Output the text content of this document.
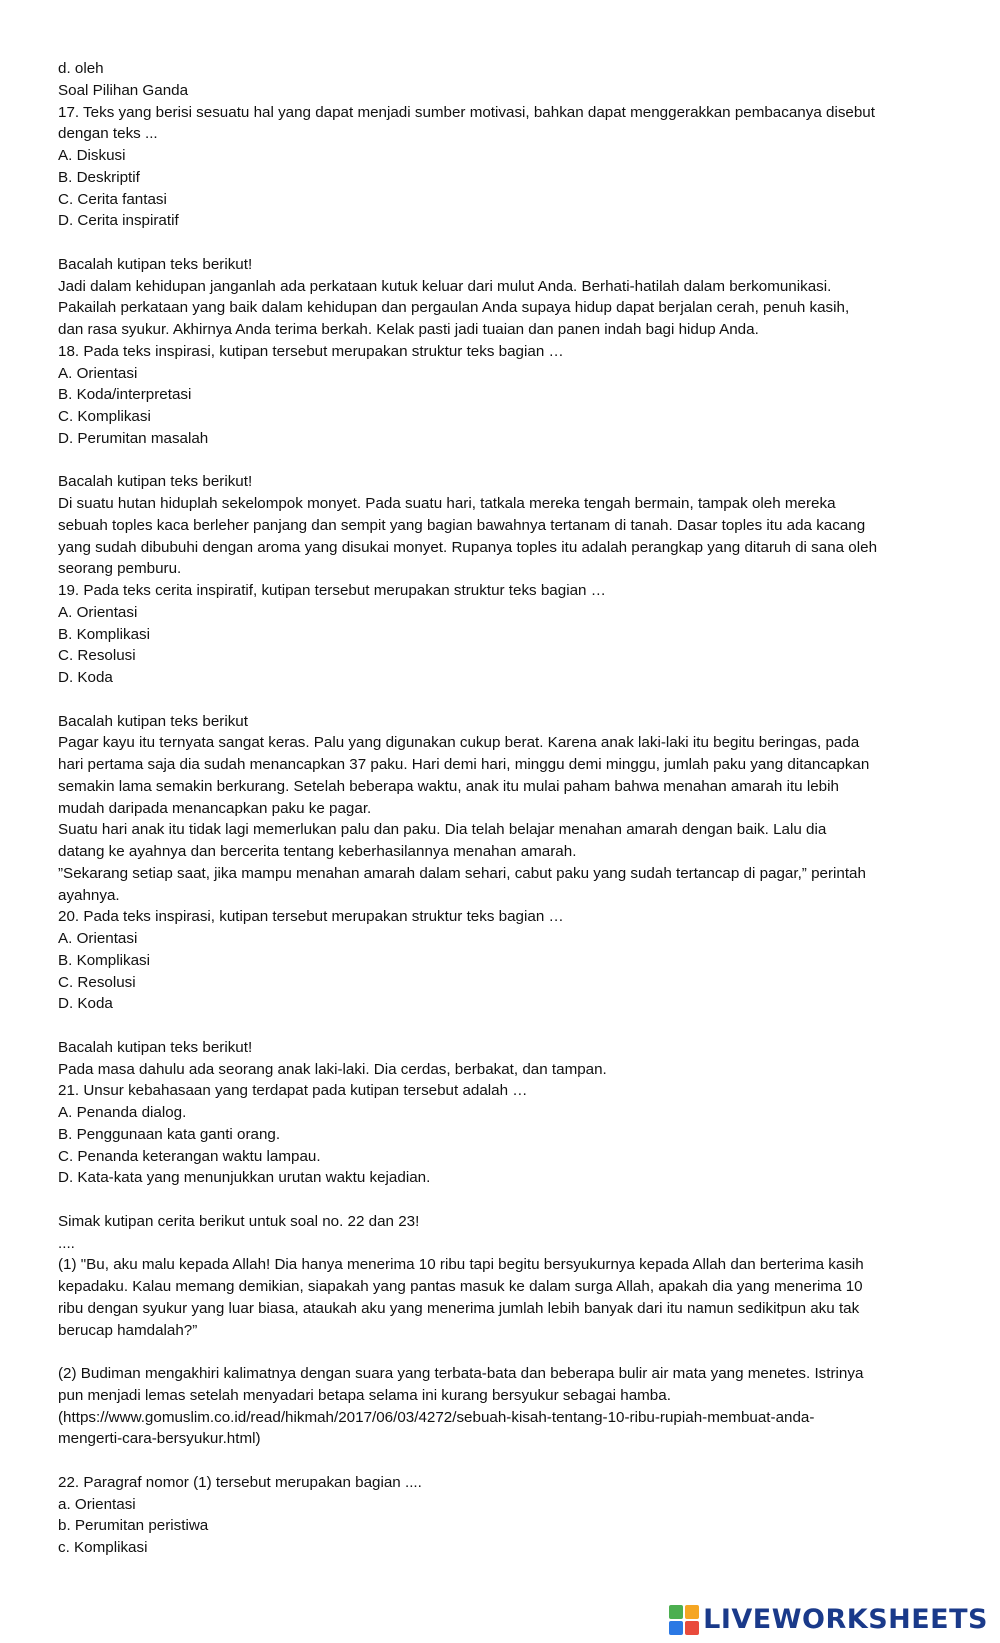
d. oleh
Soal Pilihan Ganda
17. Teks yang berisi sesuatu hal yang dapat menjadi sumber motivasi, bahkan dapat menggerakkan pembacanya disebut
dengan teks ...
A. Diskusi
B. Deskriptif
C. Cerita fantasi
D. Cerita inspiratif
Bacalah kutipan teks berikut!
Jadi dalam kehidupan janganlah ada perkataan kutuk keluar dari mulut Anda. Berhati-hatilah dalam berkomunikasi.
Pakailah perkataan yang baik dalam kehidupan dan pergaulan Anda supaya hidup dapat berjalan cerah, penuh kasih,
dan rasa syukur. Akhirnya Anda terima berkah. Kelak pasti jadi tuaian dan panen indah bagi hidup Anda.
18. Pada teks inspirasi, kutipan tersebut merupakan struktur teks bagian …
A. Orientasi
B. Koda/interpretasi
C. Komplikasi
D. Perumitan masalah
Bacalah kutipan teks berikut!
Di suatu hutan hiduplah sekelompok monyet. Pada suatu hari, tatkala mereka tengah bermain, tampak oleh mereka
sebuah toples kaca berleher panjang dan sempit yang bagian bawahnya tertanam di tanah. Dasar toples itu ada kacang
yang sudah dibubuhi dengan aroma yang disukai monyet. Rupanya toples itu adalah perangkap yang ditaruh di sana oleh
seorang pemburu.
19. Pada teks cerita inspiratif, kutipan tersebut merupakan struktur teks bagian …
A. Orientasi
B. Komplikasi
C. Resolusi
D. Koda
Bacalah kutipan teks berikut
Pagar kayu itu ternyata sangat keras. Palu yang digunakan cukup berat. Karena anak laki-laki itu begitu beringas, pada
hari pertama saja dia sudah menancapkan 37 paku. Hari demi hari, minggu demi minggu, jumlah paku yang ditancapkan
semakin lama semakin berkurang. Setelah beberapa waktu, anak itu mulai paham bahwa menahan amarah itu lebih
mudah daripada menancapkan paku ke pagar.
Suatu hari anak itu tidak lagi memerlukan palu dan paku. Dia telah belajar menahan amarah dengan baik. Lalu dia
datang ke ayahnya dan bercerita tentang keberhasilannya menahan amarah.
”Sekarang setiap saat, jika mampu menahan amarah dalam sehari, cabut paku yang sudah tertancap di pagar,” perintah
ayahnya.
20. Pada teks inspirasi, kutipan tersebut merupakan struktur teks bagian …
A. Orientasi
B. Komplikasi
C. Resolusi
D. Koda
Bacalah kutipan teks berikut!
Pada masa dahulu ada seorang anak laki-laki. Dia cerdas, berbakat, dan tampan.
21. Unsur kebahasaan yang terdapat pada kutipan tersebut adalah …
A. Penanda dialog.
B. Penggunaan kata ganti orang.
C. Penanda keterangan waktu lampau.
D. Kata-kata yang menunjukkan urutan waktu kejadian.
Simak kutipan cerita berikut untuk soal no. 22 dan 23!
....
(1) "Bu, aku malu kepada Allah! Dia hanya menerima 10 ribu tapi begitu bersyukurnya kepada Allah dan berterima kasih
kepadaku. Kalau memang demikian, siapakah yang pantas masuk ke dalam surga Allah, apakah dia yang menerima 10
ribu dengan syukur yang luar biasa, ataukah aku yang menerima jumlah lebih banyak dari itu namun sedikitpun aku tak
berucap hamdalah?”
(2) Budiman mengakhiri kalimatnya dengan suara yang terbata-bata dan beberapa bulir air mata yang menetes. Istrinya
pun menjadi lemas setelah menyadari betapa selama ini kurang bersyukur sebagai hamba.
(https://www.gomuslim.co.id/read/hikmah/2017/06/03/4272/sebuah-kisah-tentang-10-ribu-rupiah-membuat-anda-
mengerti-cara-bersyukur.html)
22. Paragraf nomor (1) tersebut merupakan bagian ....
a. Orientasi
b. Perumitan peristiwa
c. Komplikasi
LIVEWORKSHEETS
